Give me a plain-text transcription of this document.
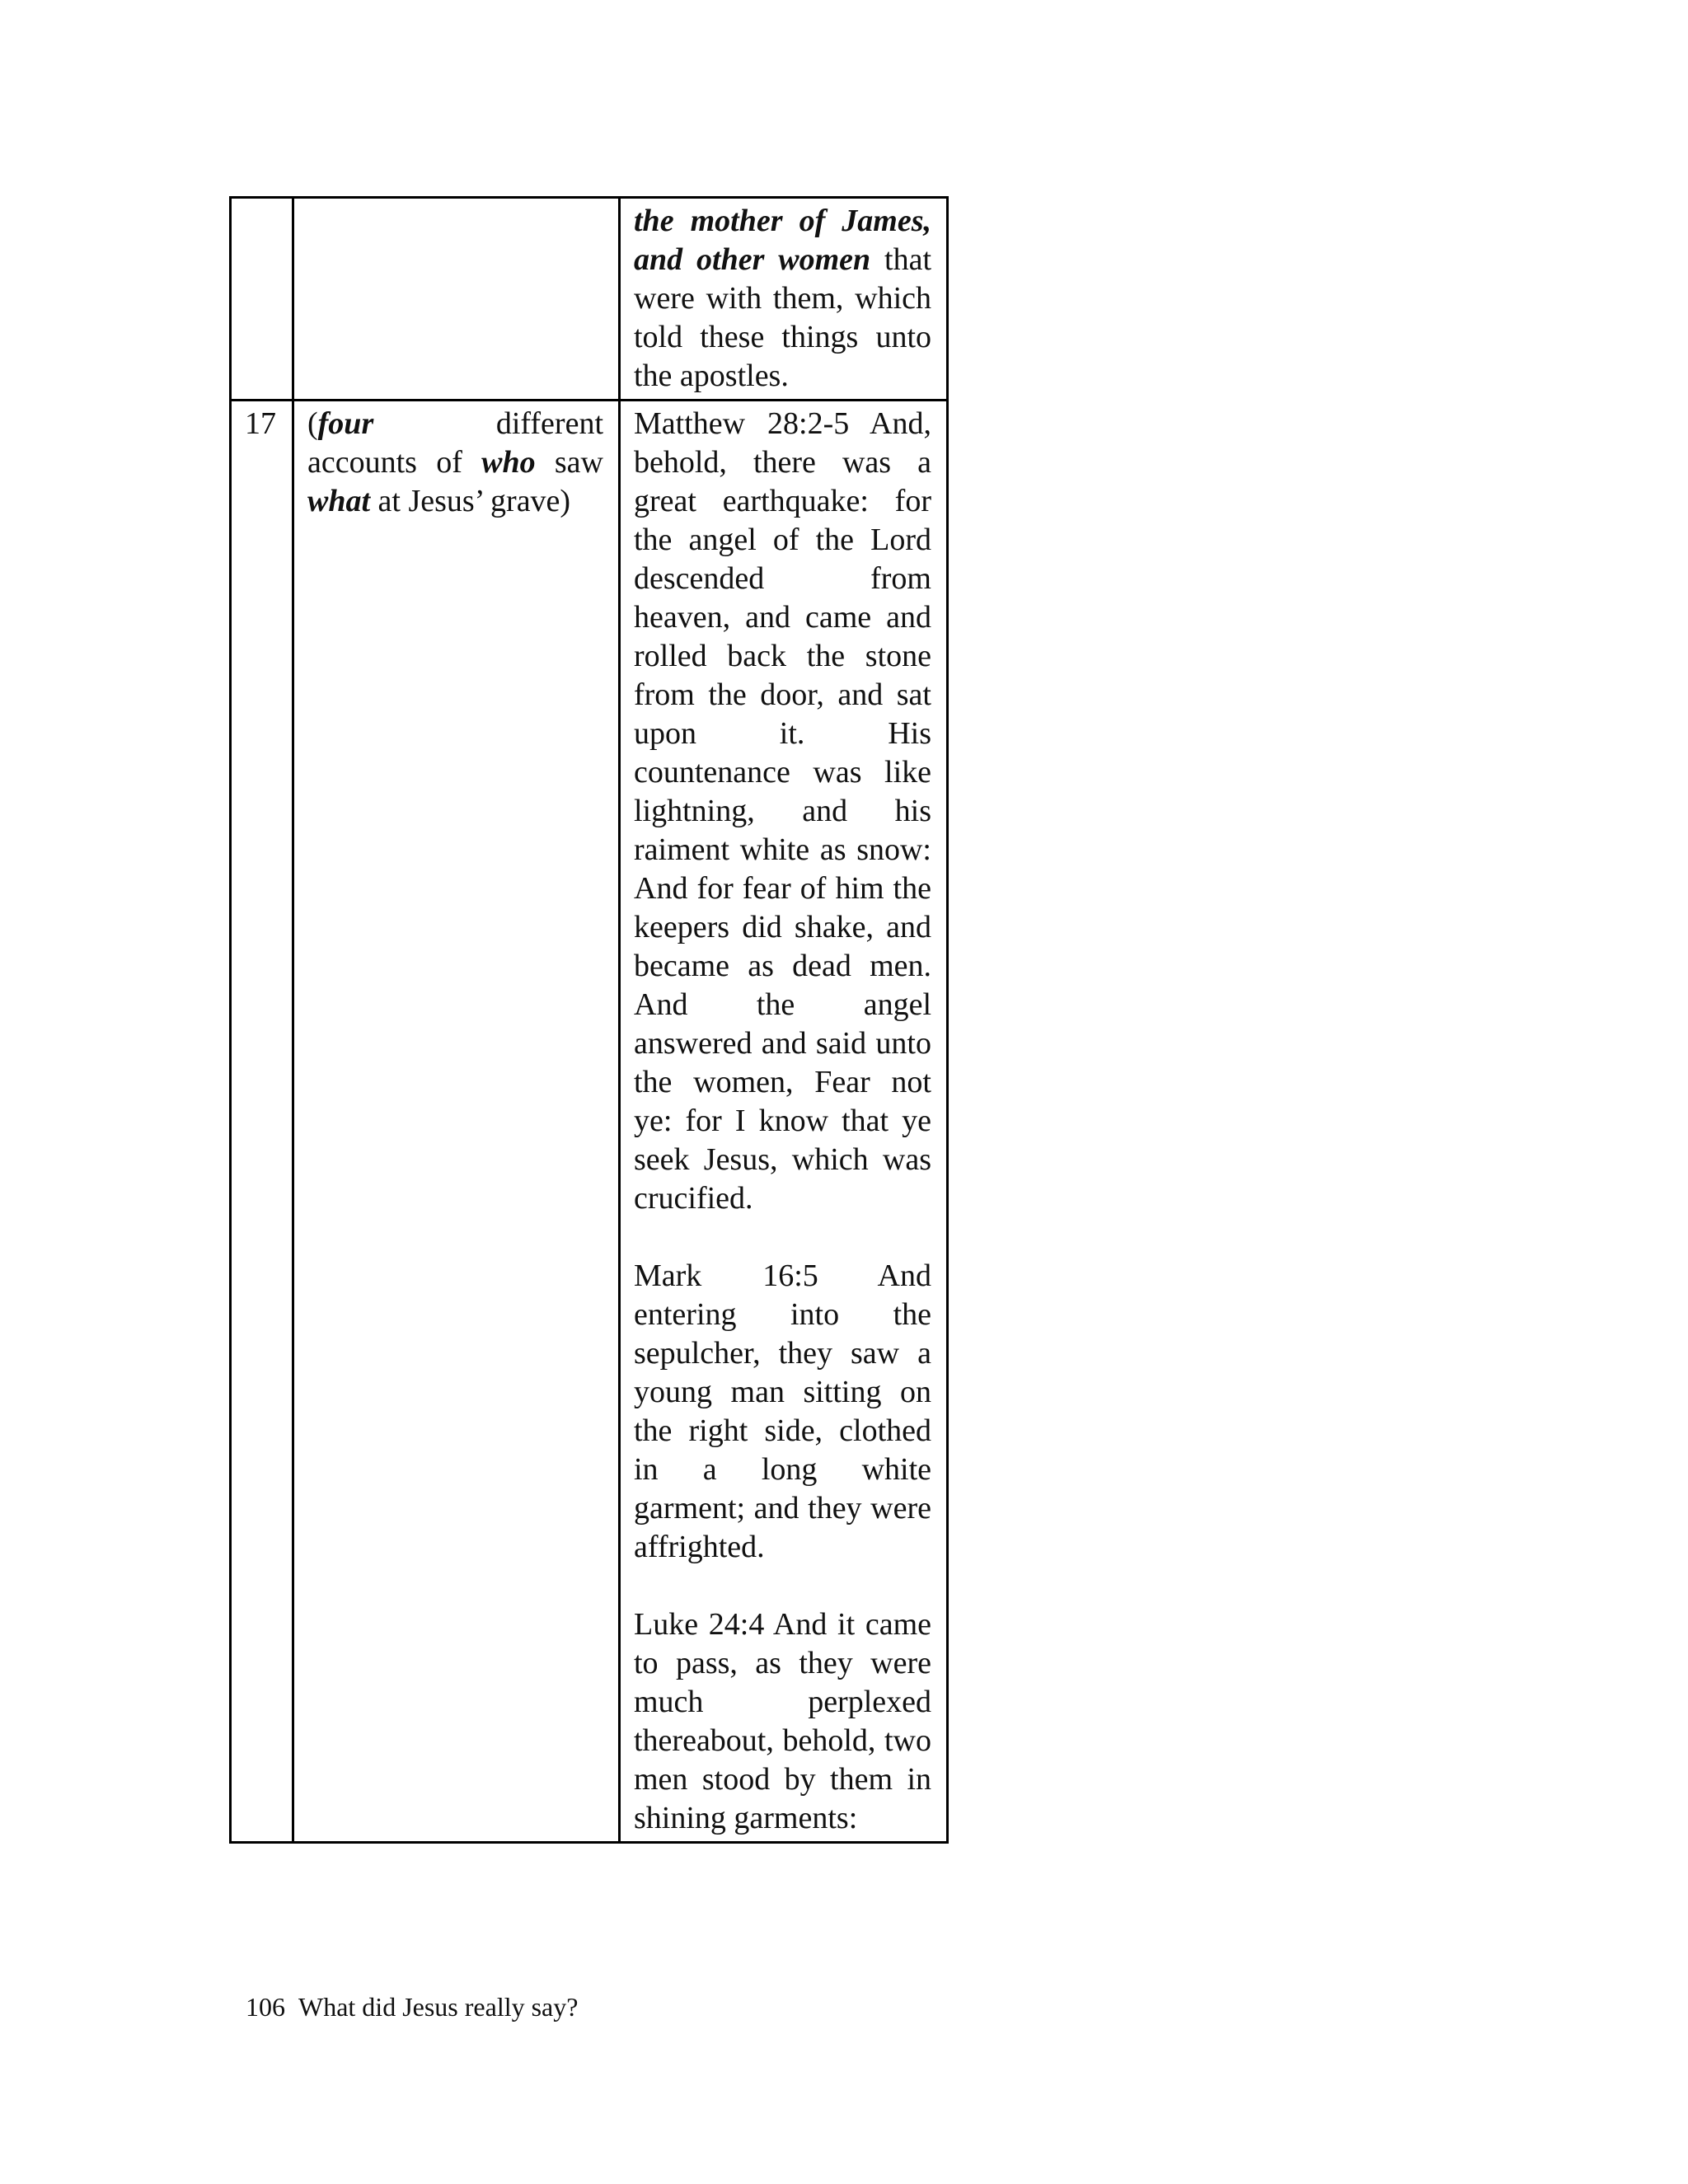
		the mother of James, and other women that were with them, which told these things unto the apostles.
17	(four different accounts of who saw what at Jesus’ grave)	Matthew 28:2-5 And, behold, there was a great earthquake: for the angel of the Lord descended from heaven, and came and rolled back the stone from the door, and sat upon it. His countenance was like lightning, and his raiment white as snow: And for fear of him the keepers did shake, and became as dead men. And the angel answered and said unto the women, Fear not ye: for I know that ye seek Jesus, which was crucified.

Mark 16:5 And entering into the sepulcher, they saw a young man sitting on the right side, clothed in a long white garment; and they were affrighted.

Luke 24:4 And it came to pass, as they were much perplexed thereabout, behold, two men stood by them in shining garments:

106 What did Jesus really say?
